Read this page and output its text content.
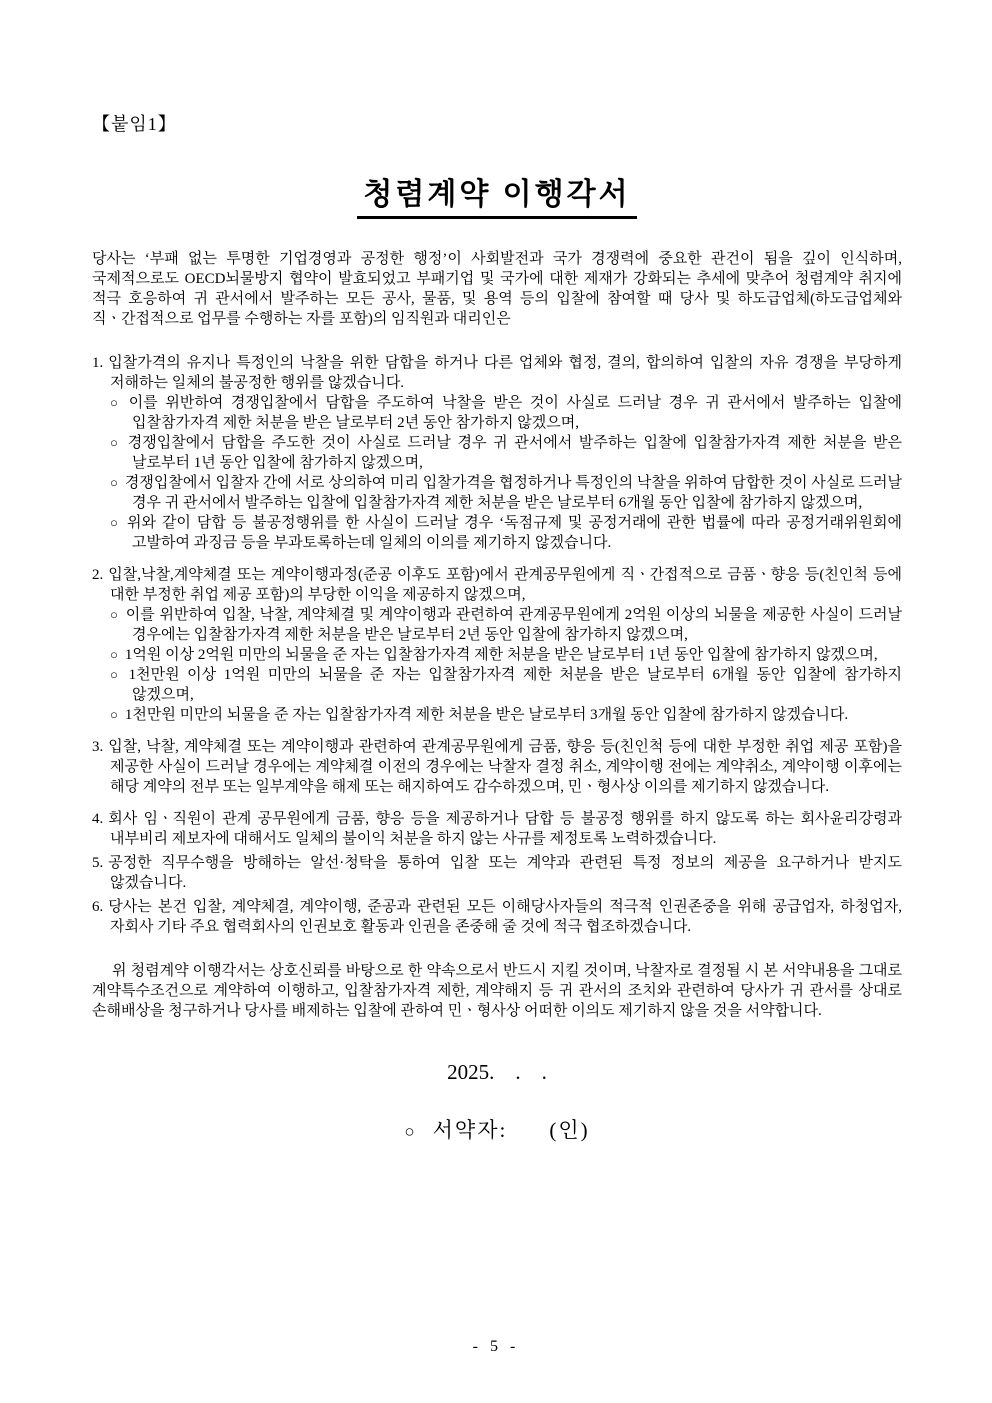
【붙임1】
청렴계약 이행각서

당사는 ‘부패 없는 투명한 기업경영과 공정한 행정’이 사회발전과 국가 경쟁력에 중요한 관건이 됨을 깊이 인식하며, 국제적으로도 OECD뇌물방지 협약이 발효되었고 부패기업 및 국가에 대한 제재가 강화되는 추세에 맞추어 청렴계약 취지에 적극 호응하여 귀 관서에서 발주하는 모든 공사, 물품, 및 용역 등의 입찰에 참여할 때 당사 및 하도급업체(하도급업체와 직ㆍ간접적으로 업무를 수행하는 자를 포함)의 임직원과 대리인은

1. 입찰가격의 유지나 특정인의 낙찰을 위한 담합을 하거나 다른 업체와 협정, 결의, 합의하여 입찰의 자유 경쟁을 부당하게 저해하는 일체의 불공정한 행위를 않겠습니다.
○ 이를 위반하여 경쟁입찰에서 담합을 주도하여 낙찰을 받은 것이 사실로 드러날 경우 귀 관서에서 발주하는 입찰에 입찰참가자격 제한 처분을 받은 날로부터 2년 동안 참가하지 않겠으며,
○ 경쟁입찰에서 담합을 주도한 것이 사실로 드러날 경우 귀 관서에서 발주하는 입찰에 입찰참가자격 제한 처분을 받은 날로부터 1년 동안 입찰에 참가하지 않겠으며,
○ 경쟁입찰에서 입찰자 간에 서로 상의하여 미리 입찰가격을 협정하거나 특정인의 낙찰을 위하여 담합한 것이 사실로 드러날 경우 귀 관서에서 발주하는 입찰에 입찰참가자격 제한 처분을 받은 날로부터 6개월 동안 입찰에 참가하지 않겠으며,
○ 위와 같이 담합 등 불공정행위를 한 사실이 드러날 경우 ‘독점규제 및 공정거래에 관한 법률에 따라 공정거래위원회에 고발하여 과징금 등을 부과토록하는데 일체의 이의를 제기하지 않겠습니다.
2. 입찰,낙찰,계약체결 또는 계약이행과정(준공 이후도 포함)에서 관계공무원에게 직ㆍ간접적으로 금품ㆍ향응 등(친인척 등에 대한 부정한 취업 제공 포함)의 부당한 이익을 제공하지 않겠으며,
○ 이를 위반하여 입찰, 낙찰, 계약체결 및 계약이행과 관련하여 관계공무원에게 2억원 이상의 뇌물을 제공한 사실이 드러날 경우에는 입찰참가자격 제한 처분을 받은 날로부터 2년 동안 입찰에 참가하지 않겠으며,
○ 1억원 이상 2억원 미만의 뇌물을 준 자는 입찰참가자격 제한 처분을 받은 날로부터 1년 동안 입찰에 참가하지 않겠으며,
○ 1천만원 이상 1억원 미만의 뇌물을 준 자는 입찰참가자격 제한 처분을 받은 날로부터 6개월 동안 입찰에 참가하지 않겠으며,
○ 1천만원 미만의 뇌물을 준 자는 입찰참가자격 제한 처분을 받은 날로부터 3개월 동안 입찰에 참가하지 않겠습니다.
3. 입찰, 낙찰, 계약체결 또는 계약이행과 관련하여 관계공무원에게 금품, 향응 등(친인척 등에 대한 부정한 취업 제공 포함)을 제공한 사실이 드러날 경우에는 계약체결 이전의 경우에는 낙찰자 결정 취소, 계약이행 전에는 계약취소, 계약이행 이후에는 해당 계약의 전부 또는 일부계약을 해제 또는 해지하여도 감수하겠으며, 민ㆍ형사상 이의를 제기하지 않겠습니다.
4. 회사 임ㆍ직원이 관계 공무원에게 금품, 향응 등을 제공하거나 담합 등 불공정 행위를 하지 않도록 하는 회사윤리강령과 내부비리 제보자에 대해서도 일체의 불이익 처분을 하지 않는 사규를 제정토록 노력하겠습니다.
5. 공정한 직무수행을 방해하는 알선·청탁을 통하여 입찰 또는 계약과 관련된 특정 정보의 제공을 요구하거나 받지도 않겠습니다.
6. 당사는 본건 입찰, 계약체결, 계약이행, 준공과 관련된 모든 이해당사자들의 적극적 인권존중을 위해 공급업자, 하청업자, 자회사 기타 주요 협력회사의 인권보호 활동과 인권을 존중해 줄 것에 적극 협조하겠습니다.

위 청렴계약 이행각서는 상호신뢰를 바탕으로 한 약속으로서 반드시 지킬 것이며, 낙찰자로 결정될 시 본 서약내용을 그대로 계약특수조건으로 계약하여 이행하고, 입찰참가자격 제한, 계약해지 등 귀 관서의 조치와 관련하여 당사가 귀 관서를 상대로 손해배상을 청구하거나 당사를 배제하는 입찰에 관하여 민ㆍ형사상 어떠한 이의도 제기하지 않을 것을 서약합니다.

2025.    .    .
○ 서약자: (인)
- 5 -
